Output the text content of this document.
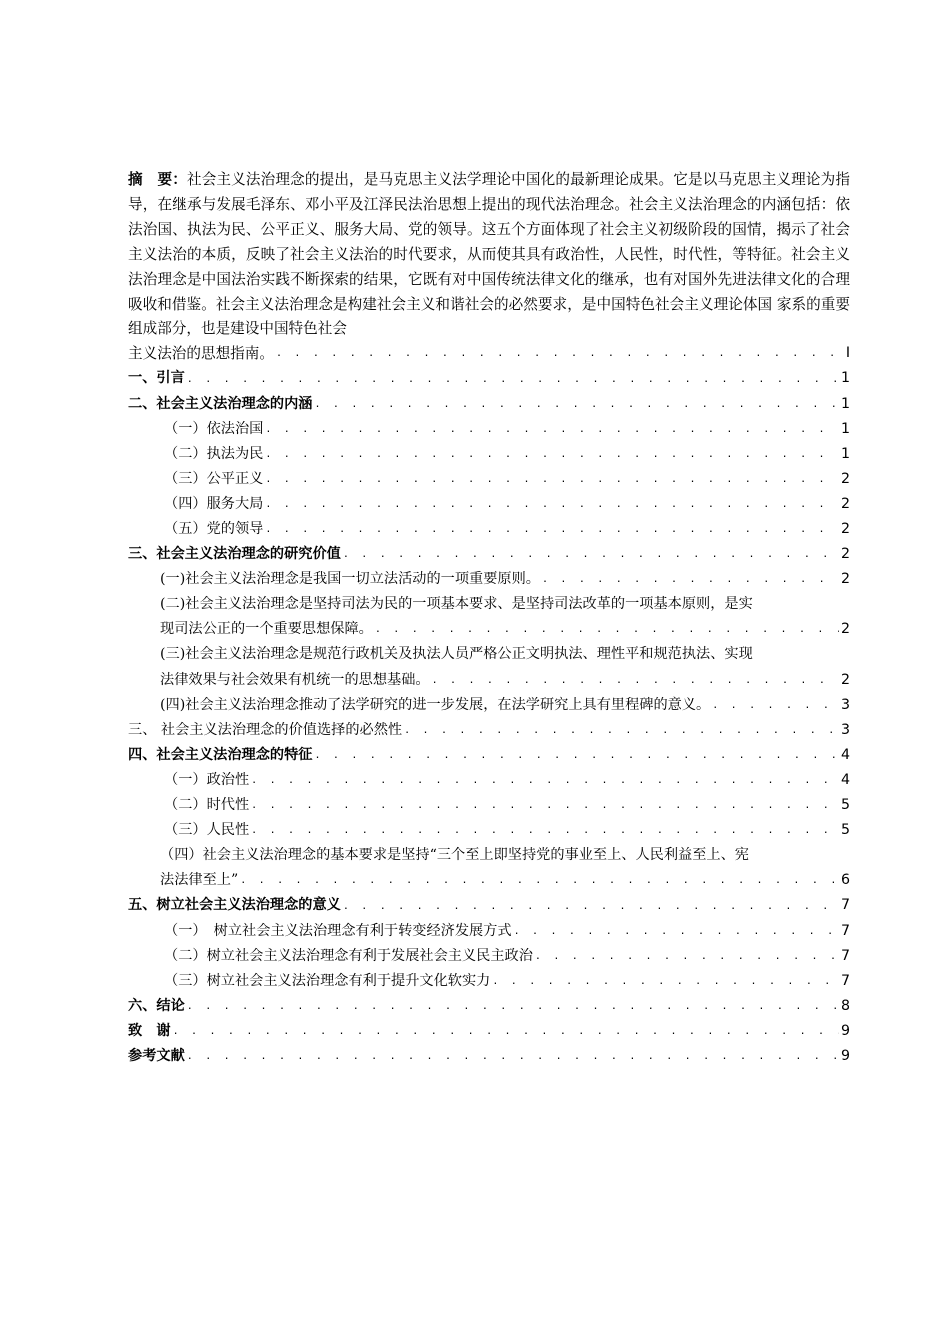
摘　要：社会主义法治理念的提出，是马克思主义法学理论中国化的最新理论成果。它是以马克思主义理论为指导，在继承与发展毛泽东、邓小平及江泽民法治思想上提出的现代法治理念。社会主义法治理念的内涵包括：依法治国、执法为民、公平正义、服务大局、党的领导。这五个方面体现了社会主义初级阶段的国情，揭示了社会主义法治的本质，反映了社会主义法治的时代要求，从而使其具有政治性，人民性，时代性，等特征。社会主义法治理念是中国法治实践不断探索的结果，它既有对中国传统法律文化的继承，也有对国外先进法律文化的合理吸收和借鉴。社会主义法治理念是构建社会主义和谐社会的必然要求，是中国特色社会主义理论体国 家系的重要组成部分，也是建设中国特色社会
主义法治的思想指南。 . . .	I
一、引言 . . .	1
二、社会主义法治理念的内涵 . . .	1
（一）依法治国 . . .	1
（二）执法为民 . . .	1
（三）公平正义 . . .	2
（四）服务大局 . . .	2
（五）党的领导 . . .	2
三、社会主义法治理念的研究价值 . . .	2
(一)社会主义法治理念是我国一切立法活动的一项重要原则。 . . .	2
(二)社会主义法治理念是坚持司法为民的一项基本要求、是坚持司法改革的一项基本原则，是实
现司法公正的一个重要思想保障。 . . .	2
(三)社会主义法治理念是规范行政机关及执法人员严格公正文明执法、理性平和规范执法、实现
法律效果与社会效果有机统一的思想基础。 . . .	2
(四)社会主义法治理念推动了法学研究的进一步发展，在法学研究上具有里程碑的意义。 . . .	3
三、 社会主义法治理念的价值选择的必然性 . . .	3
四、社会主义法治理念的特征 . . .	4
（一）政治性 . . .	4
（二）时代性 . . .	5
（三）人民性 . . .	5
（四）社会主义法治理念的基本要求是坚持“三个至上即坚持党的事业至上、人民利益至上、宪
法法律至上” . . .	6
五、树立社会主义法治理念的意义 . . .	7
（一）　树立社会主义法治理念有利于转变经济发展方式 . . .	7
（二）树立社会主义法治理念有利于发展社会主义民主政治 . . .	7
（三）树立社会主义法治理念有利于提升文化软实力 . . .	7
六、结论 . . .	8
致　谢 . . .	9
参考文献 . . .	9
